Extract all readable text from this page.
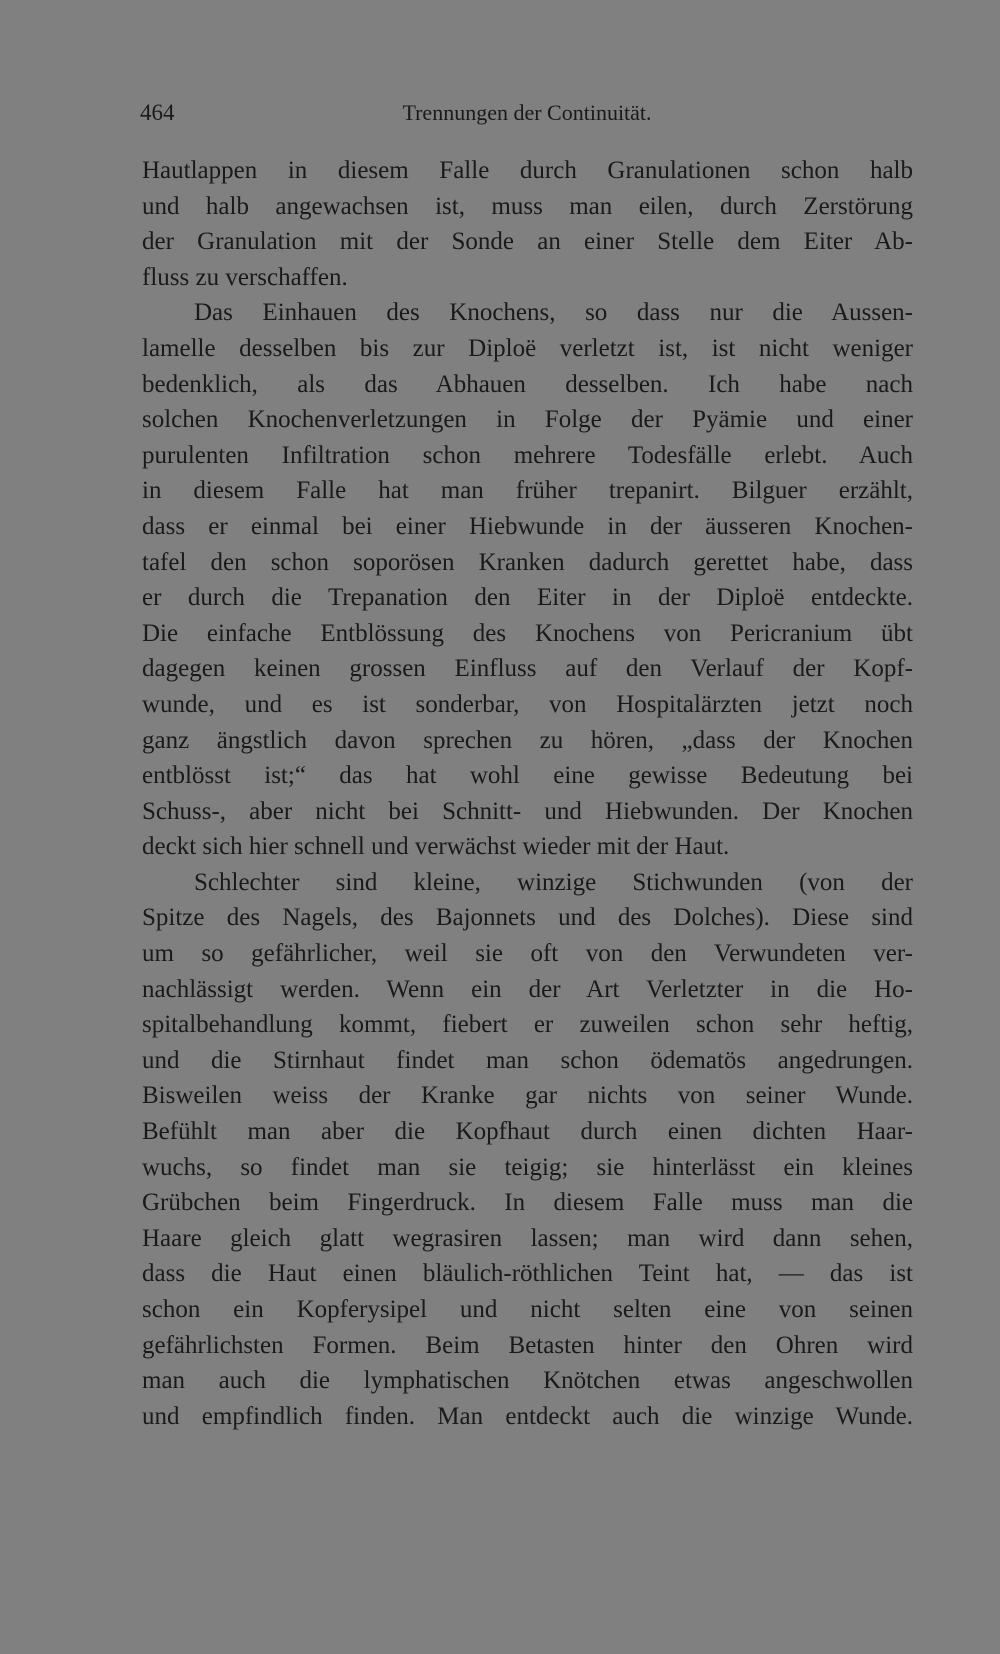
464	Trennungen der Continuität.
Hautlappen in diesem Falle durch Granulationen schon halb
und halb angewachsen ist, muss man eilen, durch Zerstörung
der Granulation mit der Sonde an einer Stelle dem Eiter Ab-
fluss zu verschaffen.
Das Einhauen des Knochens, so dass nur die Aussen-
lamelle desselben bis zur Diploë verletzt ist, ist nicht weniger
bedenklich, als das Abhauen desselben. Ich habe nach
solchen Knochenverletzungen in Folge der Pyämie und einer
purulenten Infiltration schon mehrere Todesfälle erlebt. Auch
in diesem Falle hat man früher trepanirt. Bilguer erzählt,
dass er einmal bei einer Hiebwunde in der äusseren Knochen-
tafel den schon soporösen Kranken dadurch gerettet habe, dass
er durch die Trepanation den Eiter in der Diploë entdeckte.
Die einfache Entblössung des Knochens von Pericranium übt
dagegen keinen grossen Einfluss auf den Verlauf der Kopf-
wunde, und es ist sonderbar, von Hospitalärzten jetzt noch
ganz ängstlich davon sprechen zu hören, „dass der Knochen
entblösst ist;“ das hat wohl eine gewisse Bedeutung bei
Schuss-, aber nicht bei Schnitt- und Hiebwunden. Der Knochen
deckt sich hier schnell und verwächst wieder mit der Haut.
Schlechter sind kleine, winzige Stichwunden (von der
Spitze des Nagels, des Bajonnets und des Dolches). Diese sind
um so gefährlicher, weil sie oft von den Verwundeten ver-
nachlässigt werden. Wenn ein der Art Verletzter in die Ho-
spitalbehandlung kommt, fiebert er zuweilen schon sehr heftig,
und die Stirnhaut findet man schon ödematös angedrungen.
Bisweilen weiss der Kranke gar nichts von seiner Wunde.
Befühlt man aber die Kopfhaut durch einen dichten Haar-
wuchs, so findet man sie teigig; sie hinterlässt ein kleines
Grübchen beim Fingerdruck. In diesem Falle muss man die
Haare gleich glatt wegrasiren lassen; man wird dann sehen,
dass die Haut einen bläulich-röthlichen Teint hat, — das ist
schon ein Kopferysipel und nicht selten eine von seinen
gefährlichsten Formen. Beim Betasten hinter den Ohren wird
man auch die lymphatischen Knötchen etwas angeschwollen
und empfindlich finden. Man entdeckt auch die winzige Wunde.
